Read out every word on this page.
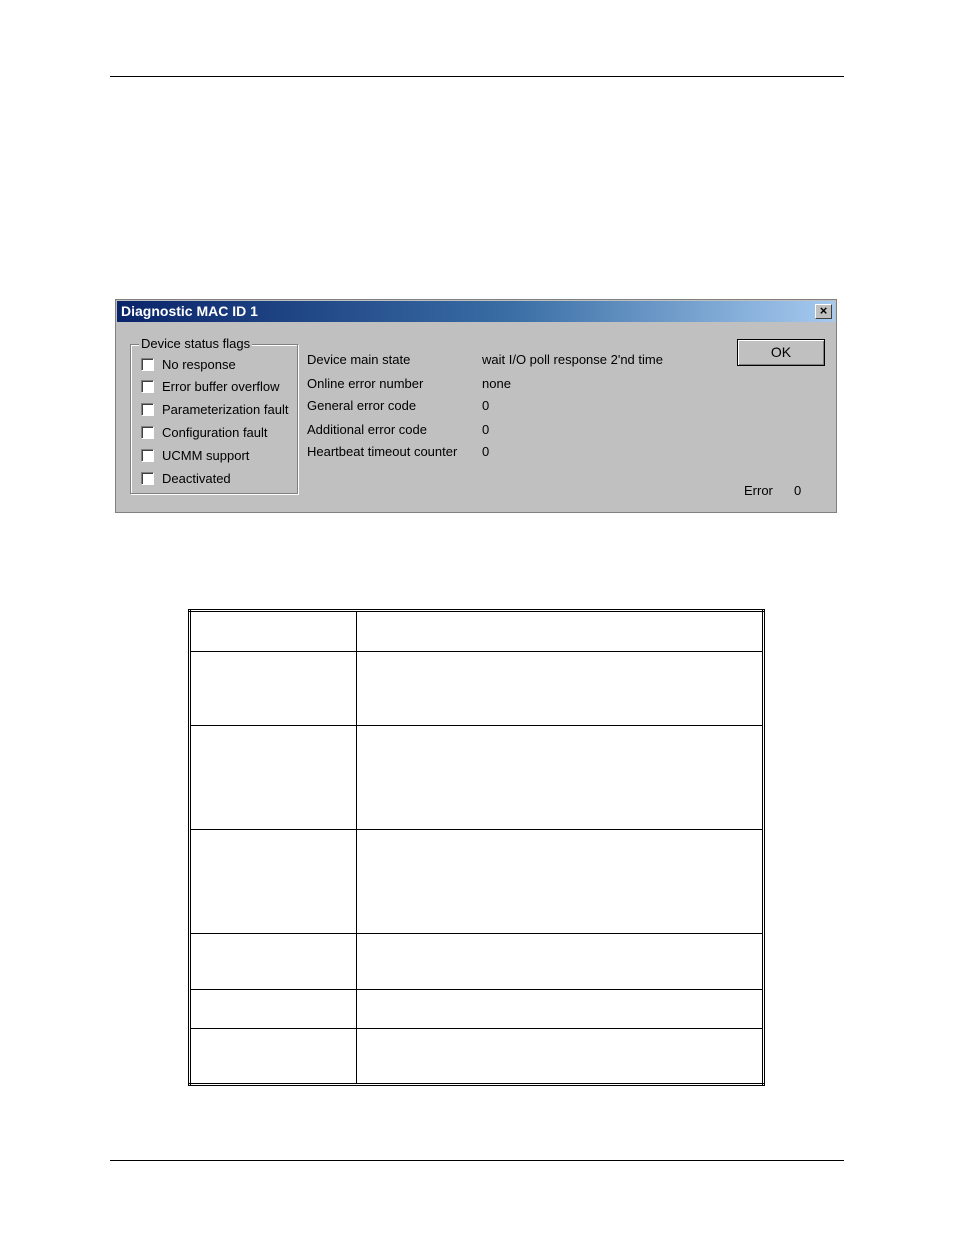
Diagnostic MAC ID 1	×
Device status flags
No response
Error buffer overflow
Parameterization fault
Configuration fault
UCMM support
Deactivated
Device main state	wait I/O poll response 2'nd time
Online error number	none
General error code	0
Additional error code	0
Heartbeat timeout counter 0
OK
Error 0
